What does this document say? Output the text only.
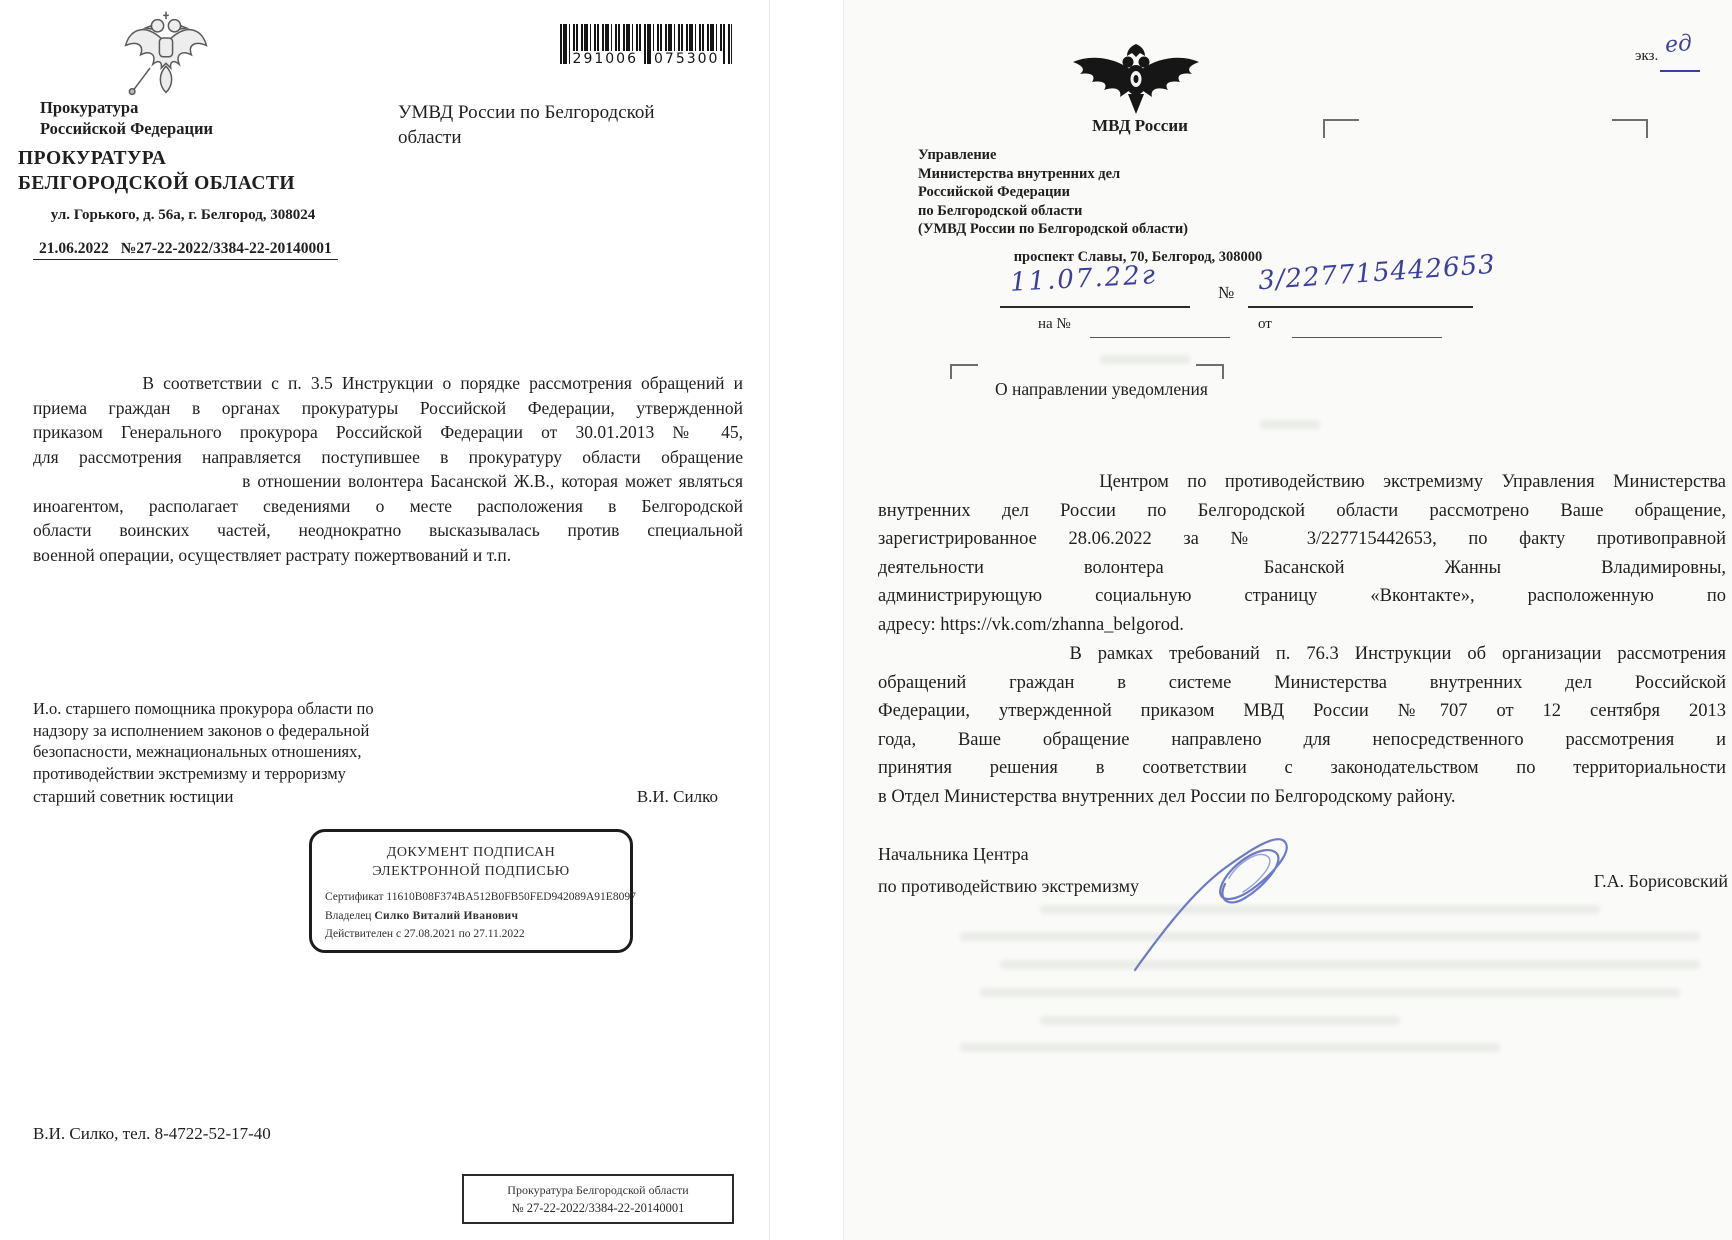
Прокуратура
Российской Федерации
ПРОКУРАТУРА
БЕЛГОРОДСКОЙ ОБЛАСТИ
ул. Горького, д. 56а, г. Белгород, 308024
21.06.2022 №27-22-2022/3384-22-20140001
291006 075300
УМВД России по Белгородской
области
В соответствии с п. 3.5 Инструкции о порядке рассмотрения обращений и
приема граждан в органах прокуратуры Российской Федерации, утвержденной
приказом Генерального прокурора Российской Федерации от 30.01.2013 № 45,
для рассмотрения направляется поступившее в прокуратуру области обращение
в отношении волонтера Басанской Ж.В., которая может являться
иноагентом, располагает сведениями о месте расположения в Белгородской
области воинских частей, неоднократно высказывалась против специальной
военной операции, осуществляет растрату пожертвований и т.п.
И.о. старшего помощника прокурора области по
надзору за исполнением законов о федеральной
безопасности, межнациональных отношениях,
противодействии экстремизму и терроризму
старший советник юстиции	В.И. Силко
ДОКУМЕНТ ПОДПИСАН
ЭЛЕКТРОННОЙ ПОДПИСЬЮ
Сертификат 11610B08F374BA512B0FB50FED942089A91E8097
Владелец Силко Виталий Иванович
Действителен с 27.08.2021 по 27.11.2022
В.И. Силко, тел. 8-4722-52-17-40
Прокуратура Белгородской области
№ 27-22-2022/3384-22-20140001
экз. ед
МВД России
Управление
Министерства внутренних дел
Российской Федерации
по Белгородской области
(УМВД России по Белгородской области)
проспект Славы, 70, Белгород, 308000
11.07.22г	№ 3/227715442653
на №	от
О направлении уведомления
Центром по противодействию экстремизму Управления Министерства
внутренних дел России по Белгородской области рассмотрено Ваше обращение,
зарегистрированное 28.06.2022 за № 3/227715442653, по факту противоправной
деятельности волонтера Басанской Жанны Владимировны,
администрирующую социальную страницу «Вконтакте», расположенную по
адресу: https://vk.com/zhanna_belgorod.
В рамках требований п. 76.3 Инструкции об организации рассмотрения
обращений граждан в системе Министерства внутренних дел Российской
Федерации, утвержденной приказом МВД России №707 от 12 сентября 2013
года, Ваше обращение направлено для непосредственного рассмотрения и
принятия решения в соответствии с законодательством по территориальности
в Отдел Министерства внутренних дел России по Белгородскому району.
Начальника Центра
по противодействию экстремизму	Г.А. Борисовский
